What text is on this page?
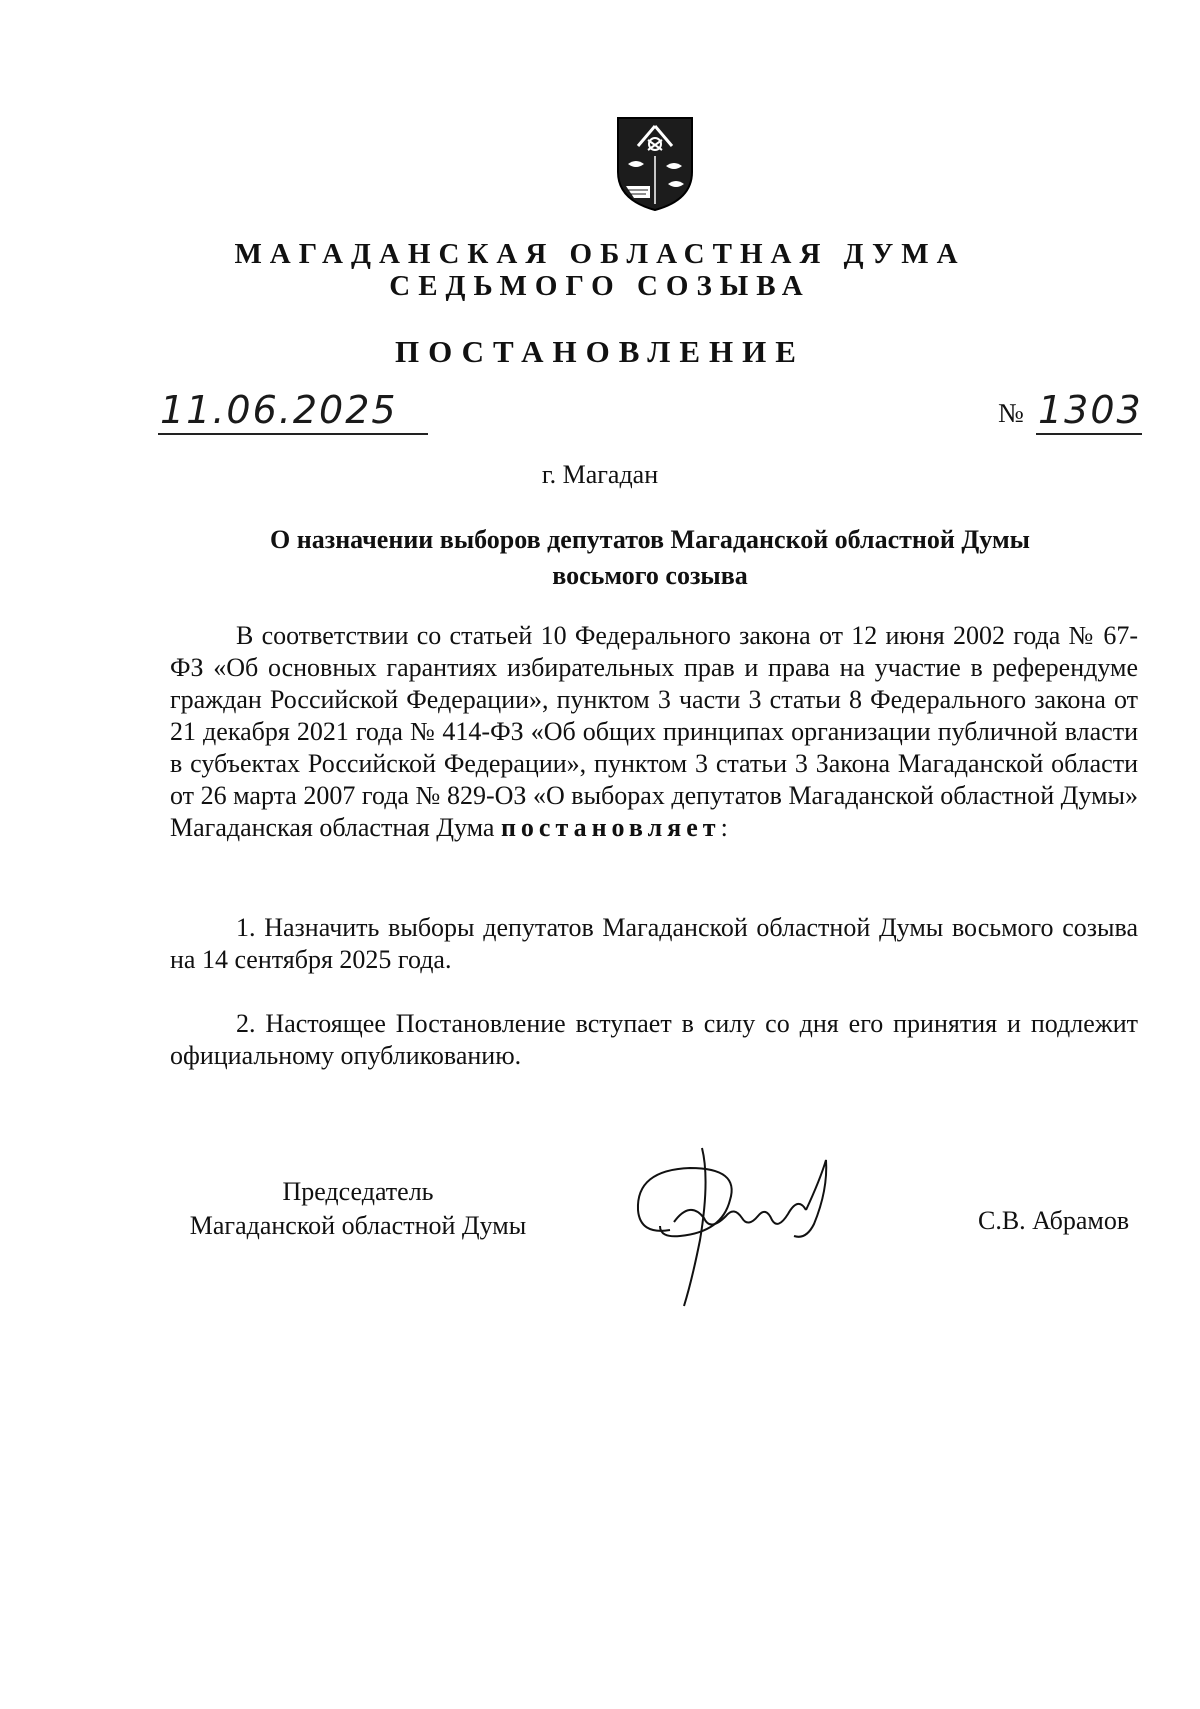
МАГАДАНСКАЯ ОБЛАСТНАЯ ДУМА
СЕДЬМОГО СОЗЫВА
ПОСТАНОВЛЕНИЕ
11.06.2025	№ 1303
г. Магадан
О назначении выборов депутатов Магаданской областной Думы
восьмого созыва

В соответствии со статьей 10 Федерального закона от 12 июня 2002 года № 67-ФЗ «Об основных гарантиях избирательных прав и права на участие в референдуме граждан Российской Федерации», пунктом 3 части 3 статьи 8 Федерального закона от 21 декабря 2021 года № 414-ФЗ «Об общих принципах организации публичной власти в субъектах Российской Федерации», пунктом 3 статьи 3 Закона Магаданской области от 26 марта 2007 года № 829-ОЗ «О выборах депутатов Магаданской областной Думы» Магаданская областная Дума постановляет:

1. Назначить выборы депутатов Магаданской областной Думы восьмого созыва на 14 сентября 2025 года.

2. Настоящее Постановление вступает в силу со дня его принятия и подлежит официальному опубликованию.

Председатель
Магаданской областной Думы	С.В. Абрамов
